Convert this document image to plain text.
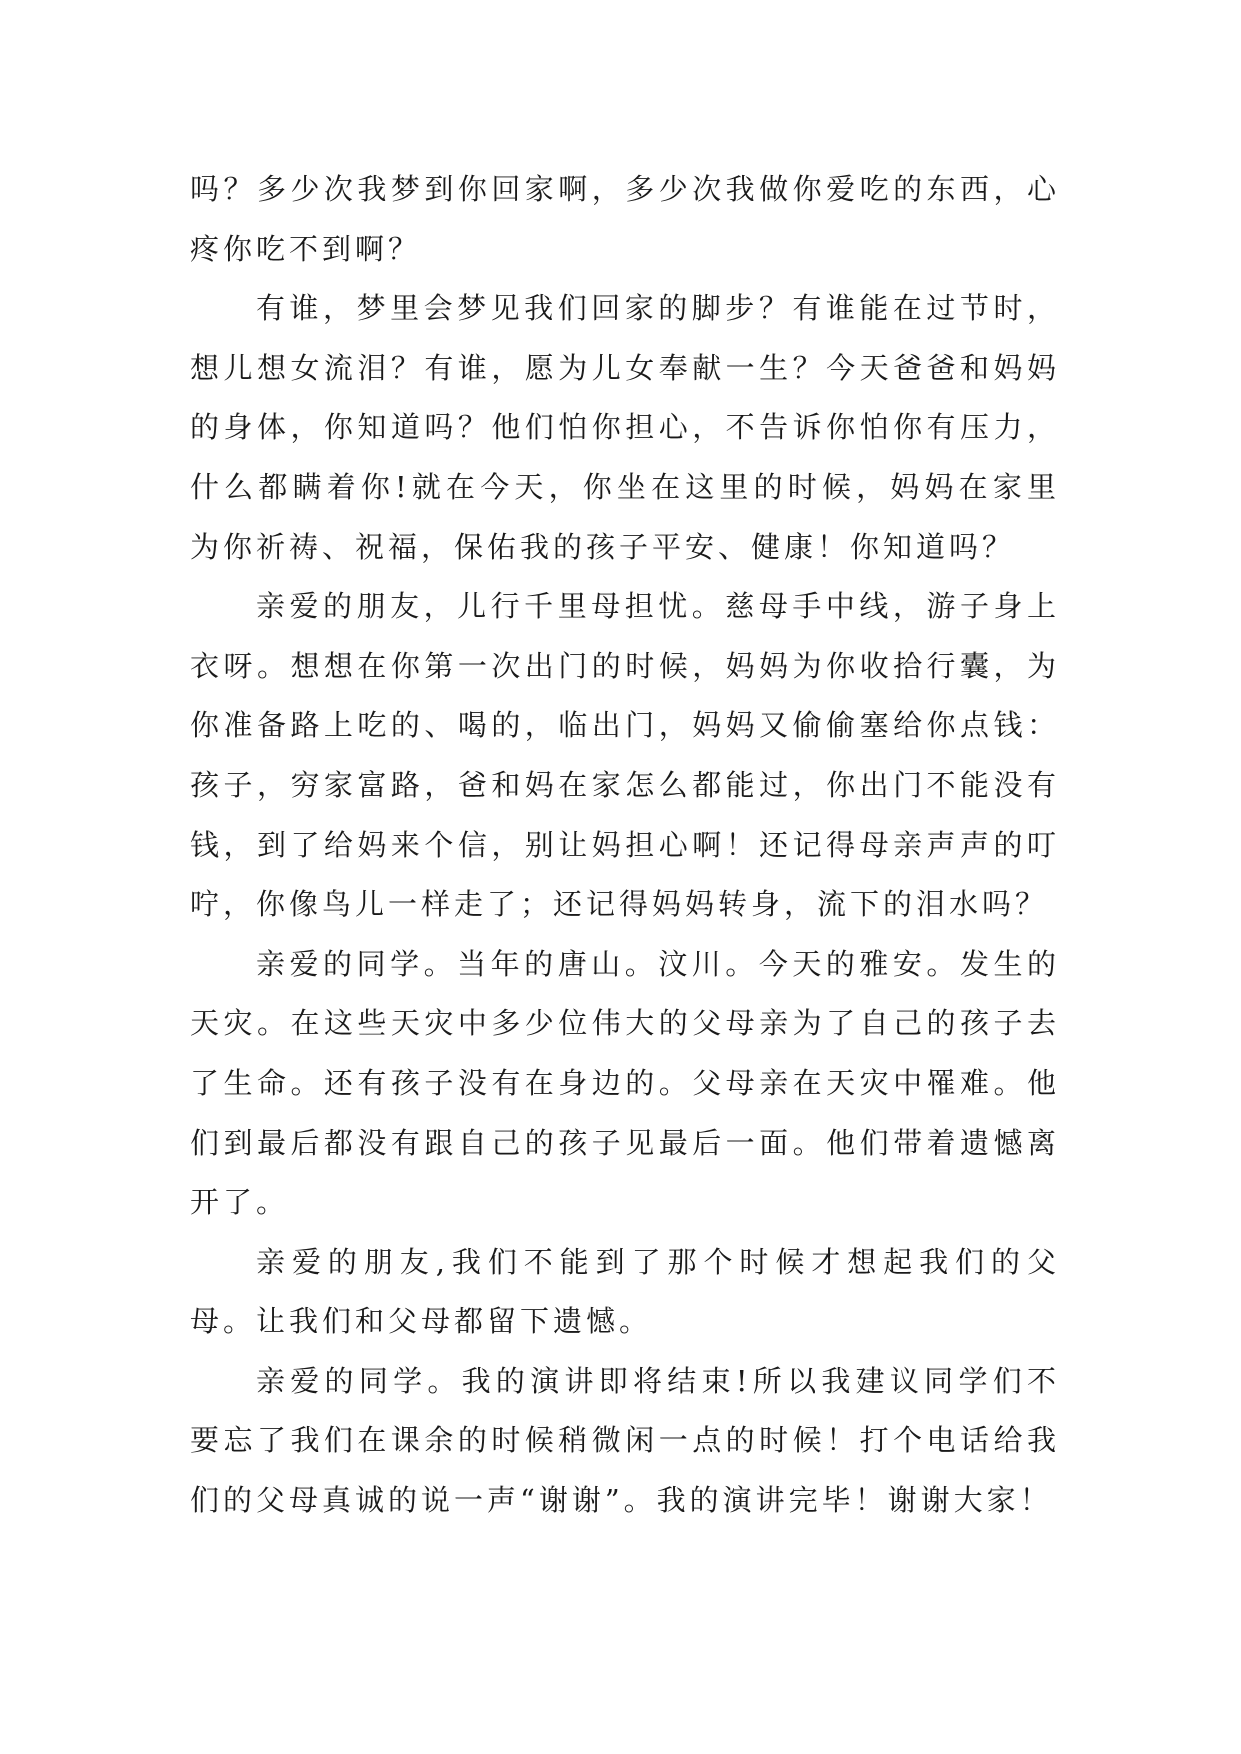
吗？多少次我梦到你回家啊，多少次我做你爱吃的东西，心疼你吃不到啊？

有谁，梦里会梦见我们回家的脚步？有谁能在过节时，想儿想女流泪？有谁，愿为儿女奉献一生？今天爸爸和妈妈的身体，你知道吗？他们怕你担心，不告诉你怕你有压力，什么都瞒着你!就在今天，你坐在这里的时候，妈妈在家里为你祈祷、祝福，保佑我的孩子平安、健康！你知道吗？

亲爱的朋友，儿行千里母担忧。慈母手中线，游子身上衣呀。想想在你第一次出门的时候，妈妈为你收拾行囊，为你准备路上吃的、喝的，临出门，妈妈又偷偷塞给你点钱：孩子，穷家富路，爸和妈在家怎么都能过，你出门不能没有钱，到了给妈来个信，别让妈担心啊！还记得母亲声声的叮咛，你像鸟儿一样走了；还记得妈妈转身，流下的泪水吗？

亲爱的同学。当年的唐山。汶川。今天的雅安。发生的天灾。在这些天灾中多少位伟大的父母亲为了自己的孩子去了生命。还有孩子没有在身边的。父母亲在天灾中罹难。他们到最后都没有跟自己的孩子见最后一面。他们带着遗憾离开了。

亲爱的朋友,我们不能到了那个时候才想起我们的父母。让我们和父母都留下遗憾。

亲爱的同学。我的演讲即将结束!所以我建议同学们不要忘了我们在课余的时候稍微闲一点的时候！打个电话给我们的父母真诚的说一声“谢谢”。我的演讲完毕！谢谢大家！
